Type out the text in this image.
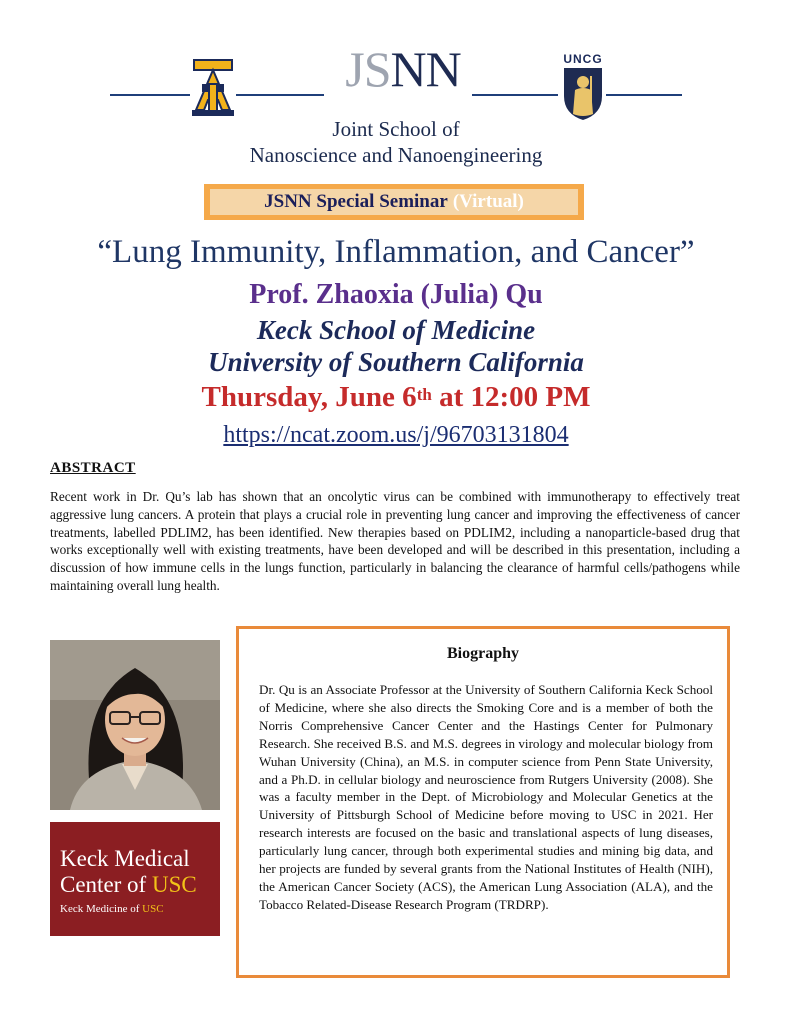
JSNN	UNCG
Joint School of
Nanoscience and Nanoengineering
JSNN Special Seminar (Virtual)
“Lung Immunity, Inflammation, and Cancer”
Prof. Zhaoxia (Julia) Qu
Keck School of Medicine
University of Southern California
Thursday, June 6th at 12:00 PM
https://ncat.zoom.us/j/96703131804
ABSTRACT
Recent work in Dr. Qu’s lab has shown that an oncolytic virus can be combined with immunotherapy to effectively treat aggressive lung cancers. A protein that plays a crucial role in preventing lung cancer and improving the effectiveness of cancer treatments, labelled PDLIM2, has been identified. New therapies based on PDLIM2, including a nanoparticle-based drug that works exceptionally well with existing treatments, have been developed and will be described in this presentation, including a discussion of how immune cells in the lungs function, particularly in balancing the clearance of harmful cells/pathogens while maintaining overall lung health.
Keck Medical
Center of USC
Keck Medicine of USC
Biography
Dr. Qu is an Associate Professor at the University of Southern California Keck School of Medicine, where she also directs the Smoking Core and is a member of both the Norris Comprehensive Cancer Center and the Hastings Center for Pulmonary Research. She received B.S. and M.S. degrees in virology and molecular biology from Wuhan University (China), an M.S. in computer science from Penn State University, and a Ph.D. in cellular biology and neuroscience from Rutgers University (2008). She was a faculty member in the Dept. of Microbiology and Molecular Genetics at the University of Pittsburgh School of Medicine before moving to USC in 2021. Her research interests are focused on the basic and translational aspects of lung diseases, particularly lung cancer, through both experimental studies and mining big data, and her projects are funded by several grants from the National Institutes of Health (NIH), the American Cancer Society (ACS), the American Lung Association (ALA), and the Tobacco Related-Disease Research Program (TRDRP).
